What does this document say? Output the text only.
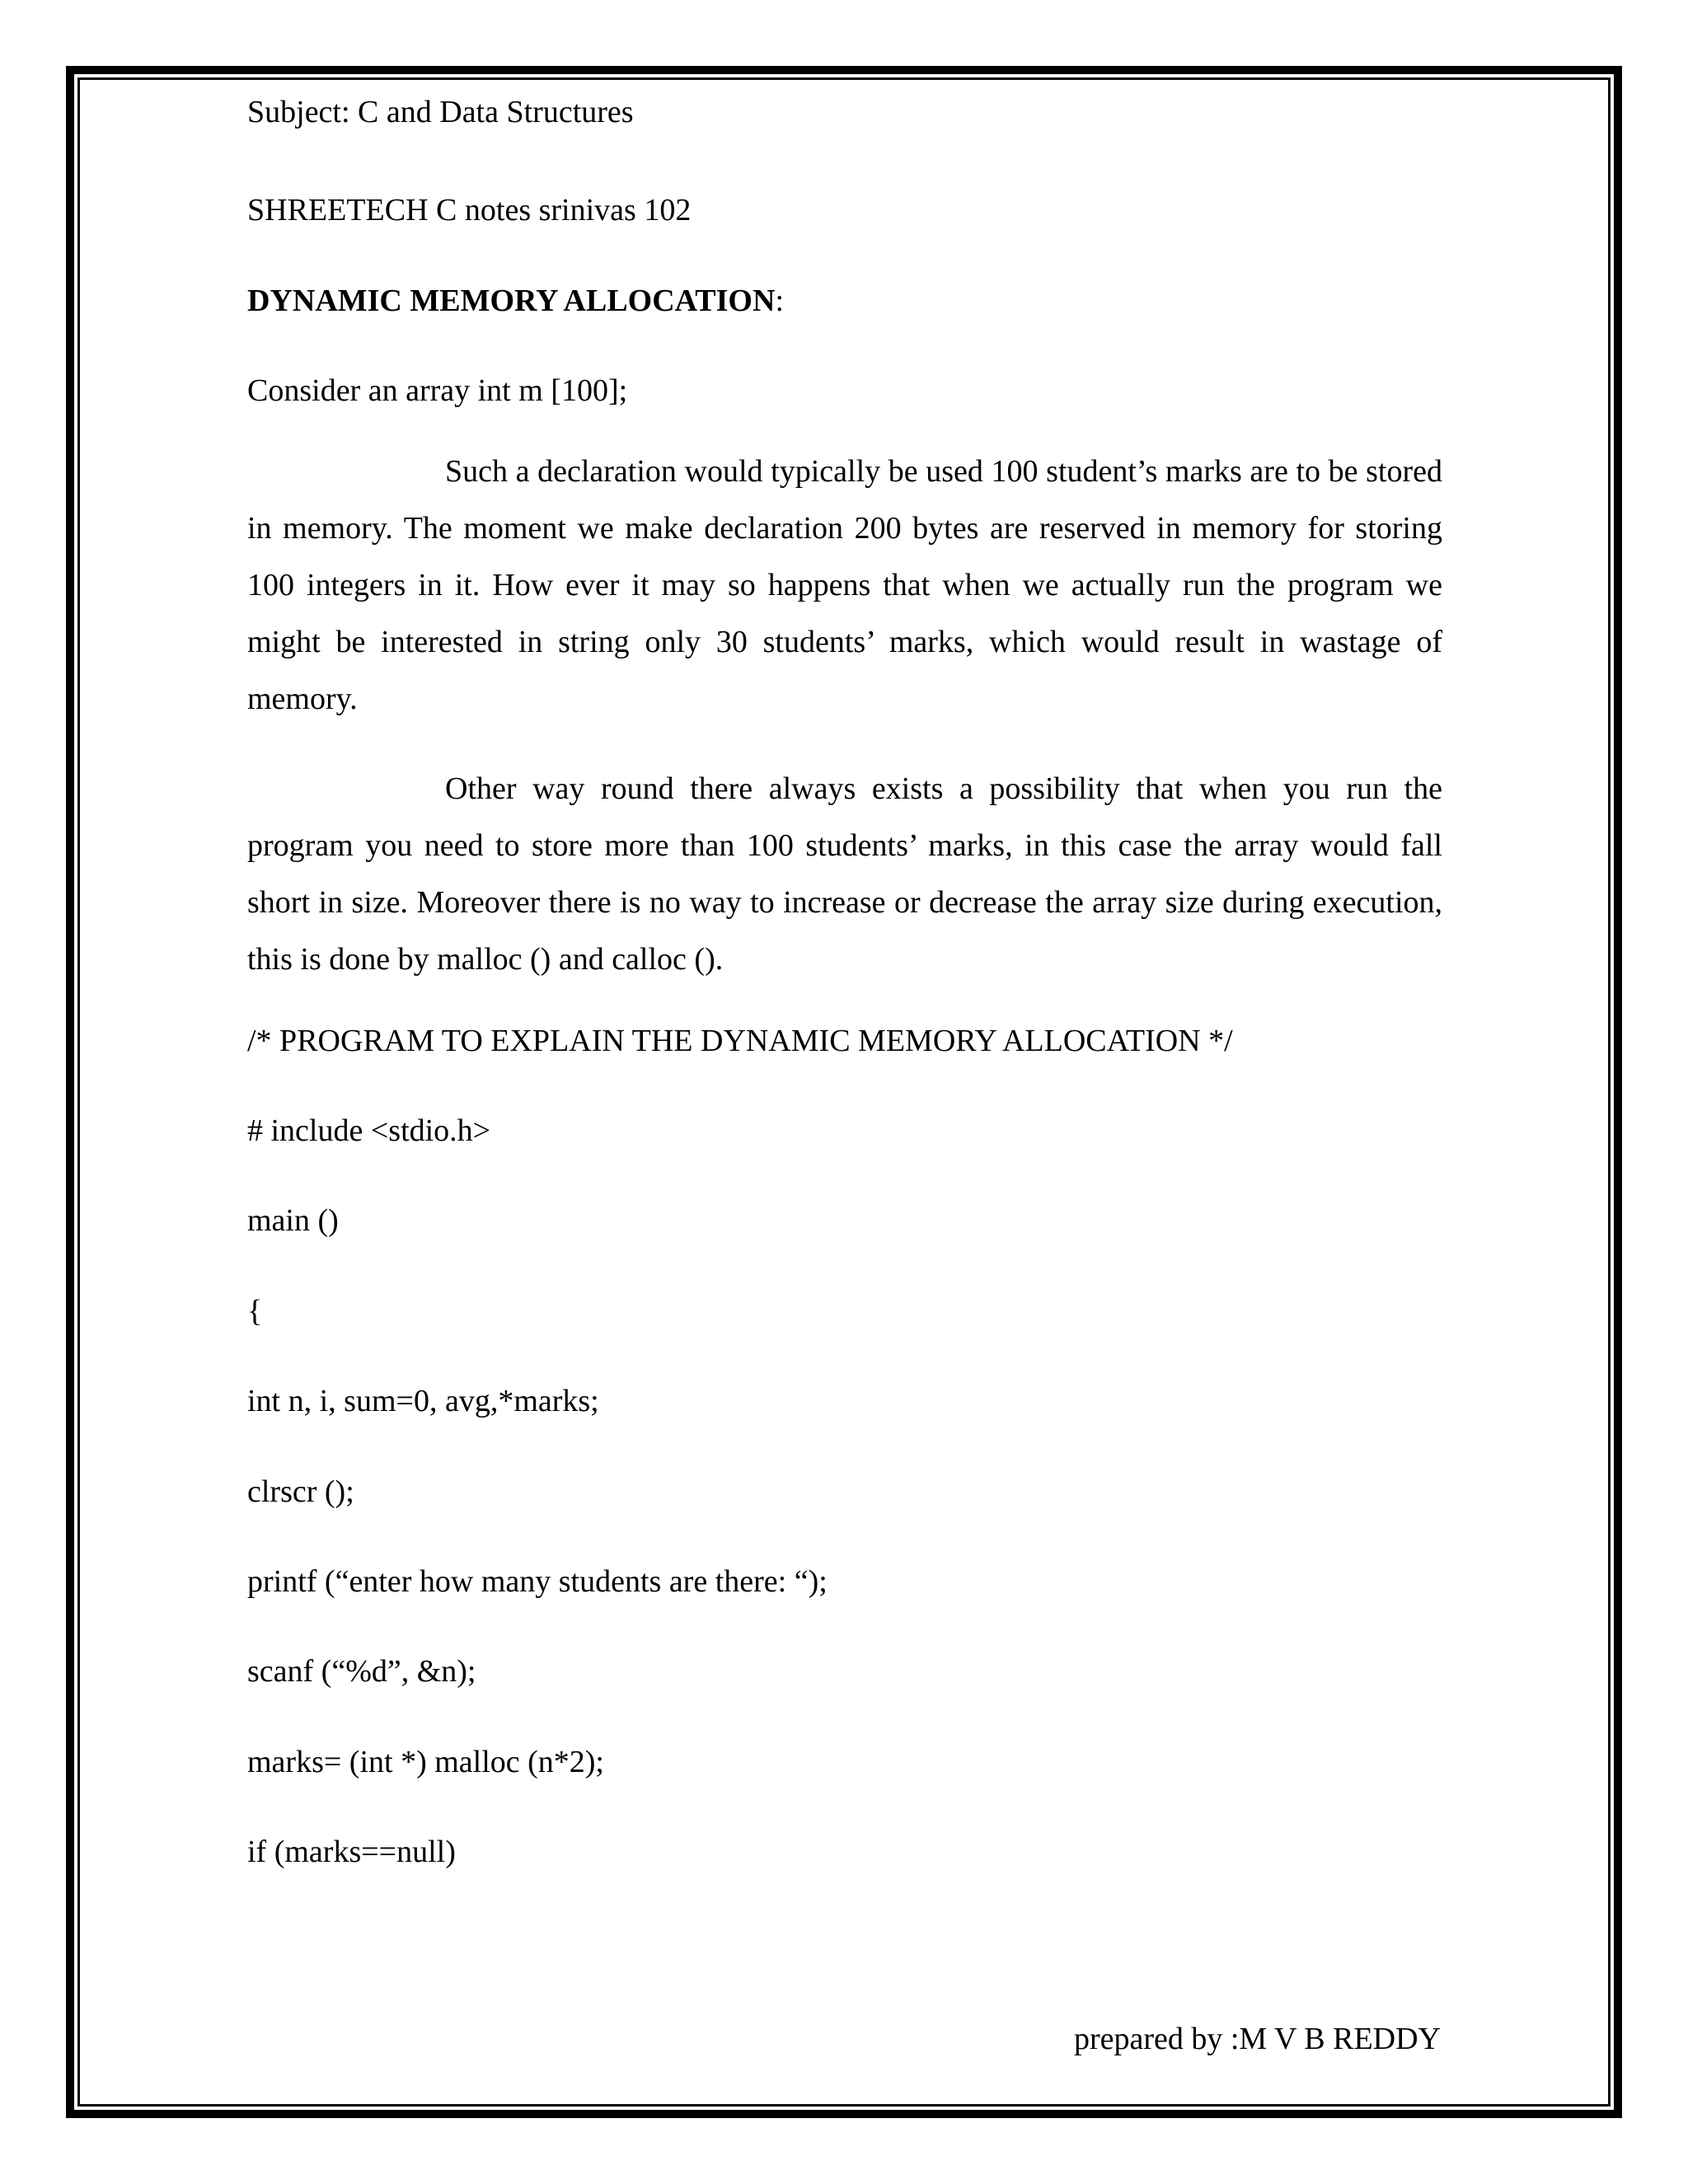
Subject: C and Data Structures

SHREETECH C notes srinivas 102

DYNAMIC MEMORY ALLOCATION:

Consider an array int m [100];

Such a declaration would typically be used 100 student’s marks are to be stored in memory. The moment we make declaration 200 bytes are reserved in memory for storing 100 integers in it. How ever it may so happens that when we actually run the program we might be interested in string only 30 students’ marks, which would result in wastage of memory.

Other way round there always exists a possibility that when you run the program you need to store more than 100 students’ marks, in this case the array would fall short in size. Moreover there is no way to increase or decrease the array size during execution, this is done by malloc () and calloc ().

/* PROGRAM TO EXPLAIN THE DYNAMIC MEMORY ALLOCATION */

# include <stdio.h>

main ()

{

int n, i, sum=0, avg,*marks;

clrscr ();

printf (“enter how many students are there: “);

scanf (“%d”, &n);

marks= (int *) malloc (n*2);

if (marks==null)

prepared by :M V B REDDY
